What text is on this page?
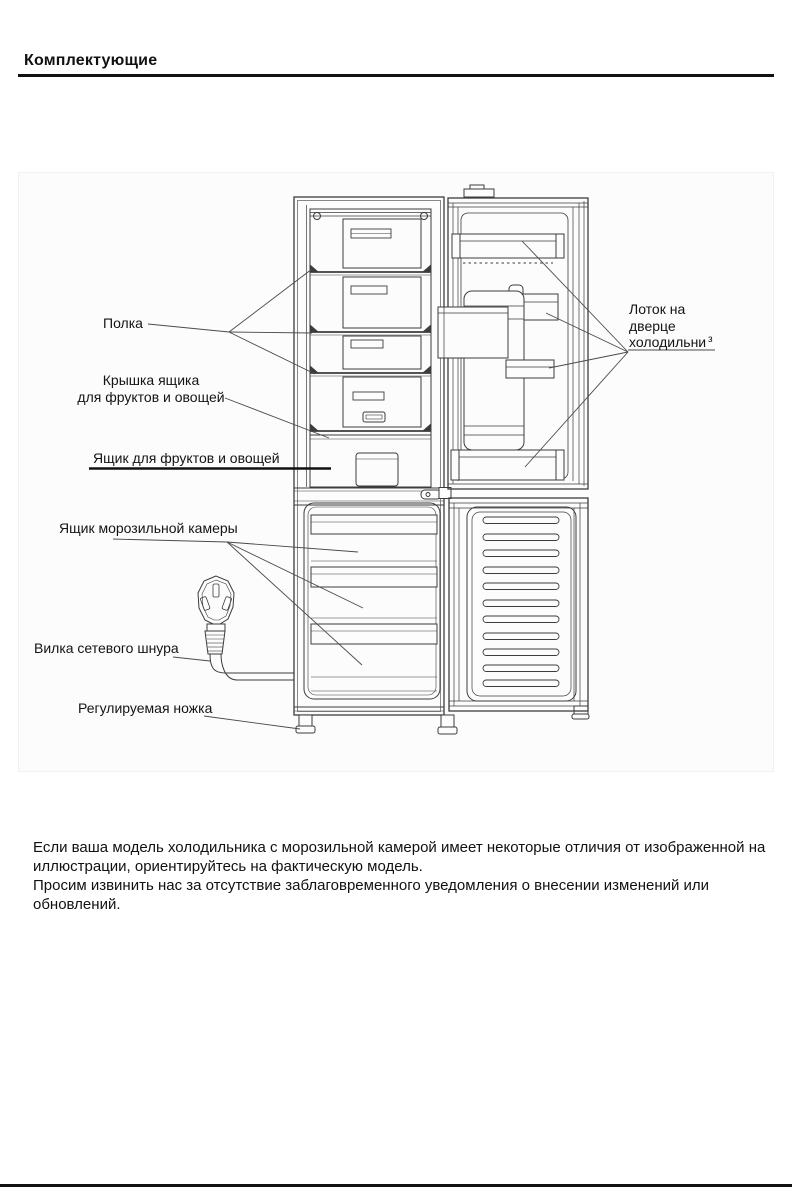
Комплектующие
Полка
Крышка ящика
для фруктов и овощей
Ящик для фруктов и овощей
Ящик морозильной камеры
Вилка сетевого шнура
Регулируемая ножка
Лоток на
дверце
холодильни з
Если ваша модель холодильника с морозильной камерой имеет некоторые отличия от изображенной на иллюстрации, ориентируйтесь на фактическую модель.
Просим извинить нас за отсутствие заблаговременного уведомления о внесении изменений или обновлений.
